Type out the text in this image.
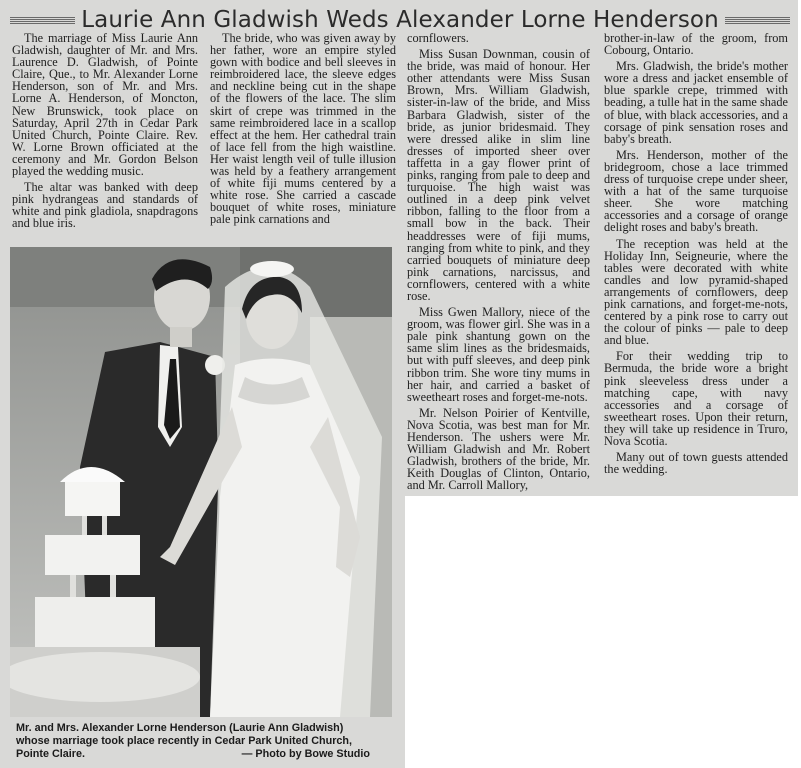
Laurie Ann Gladwish Weds Alexander Lorne Henderson

The marriage of Miss Laurie Ann Gladwish, daughter of Mr. and Mrs. Laurence D. Gladwish, of Pointe Claire, Que., to Mr. Alexander Lorne Henderson, son of Mr. and Mrs. Lorne A. Henderson, of Moncton, New Brunswick, took place on Saturday, April 27th in Cedar Park United Church, Pointe Claire. Rev. W. Lorne Brown officiated at the ceremony and Mr. Gordon Belson played the wedding music.

The altar was banked with deep pink hydrangeas and standards of white and pink gladiola, snapdragons and blue iris.

The bride, who was given away by her father, wore an empire styled gown with bodice and bell sleeves in reimbroidered lace, the sleeve edges and neckline being cut in the shape of the flowers of the lace. The slim skirt of crepe was trimmed in the same reimbroidered lace in a scallop effect at the hem. Her cathedral train of lace fell from the high waistline. Her waist length veil of tulle illusion was held by a feathery arrangement of white fiji mums centered by a white rose. She carried a cascade bouquet of white roses, miniature pale pink carnations and

cornflowers.

Miss Susan Downman, cousin of the bride, was maid of honour. Her other attendants were Miss Susan Brown, Mrs. William Gladwish, sister-in-law of the bride, and Miss Barbara Gladwish, sister of the bride, as junior bridesmaid. They were dressed alike in slim line dresses of imported sheer over taffetta in a gay flower print of pinks, ranging from pale to deep and turquoise. The high waist was outlined in a deep pink velvet ribbon, falling to the floor from a small bow in the back. Their headdresses were of fiji mums, ranging from white to pink, and they carried bouquets of miniature deep pink carnations, narcissus, and cornflowers, centered with a white rose.

Miss Gwen Mallory, niece of the groom, was flower girl. She was in a pale pink shantung gown on the same slim lines as the bridesmaids, but with puff sleeves, and deep pink ribbon trim. She wore tiny mums in her hair, and carried a basket of sweetheart roses and forget-me-nots.

Mr. Nelson Poirier of Kentville, Nova Scotia, was best man for Mr. Henderson. The ushers were Mr. William Gladwish and Mr. Robert Gladwish, brothers of the bride, Mr. Keith Douglas of Clinton, Ontario, and Mr. Carroll Mallory,

brother-in-law of the groom, from Cobourg, Ontario.

Mrs. Gladwish, the bride's mother wore a dress and jacket ensemble of blue sparkle crepe, trimmed with beading, a tulle hat in the same shade of blue, with black accessories, and a corsage of pink sensation roses and baby's breath.

Mrs. Henderson, mother of the bridegroom, chose a lace trimmed dress of turquoise crepe under sheer, with a hat of the same turquoise sheer. She wore matching accessories and a corsage of orange delight roses and baby's breath.

The reception was held at the Holiday Inn, Seigneurie, where the tables were decorated with white candles and low pyramid-shaped arrangements of cornflowers, deep pink carnations, and forget-me-nots, centered by a pink rose to carry out the colour of pinks — pale to deep and blue.

For their wedding trip to Bermuda, the bride wore a bright pink sleeveless dress under a matching cape, with navy accessories and a corsage of sweetheart roses. Upon their return, they will take up residence in Truro, Nova Scotia.

Many out of town guests attended the wedding.

Mr. and Mrs. Alexander Lorne Henderson (Laurie Ann Gladwish)
whose marriage took place recently in Cedar Park United Church,
Pointe Claire.	— Photo by Bowe Studio
